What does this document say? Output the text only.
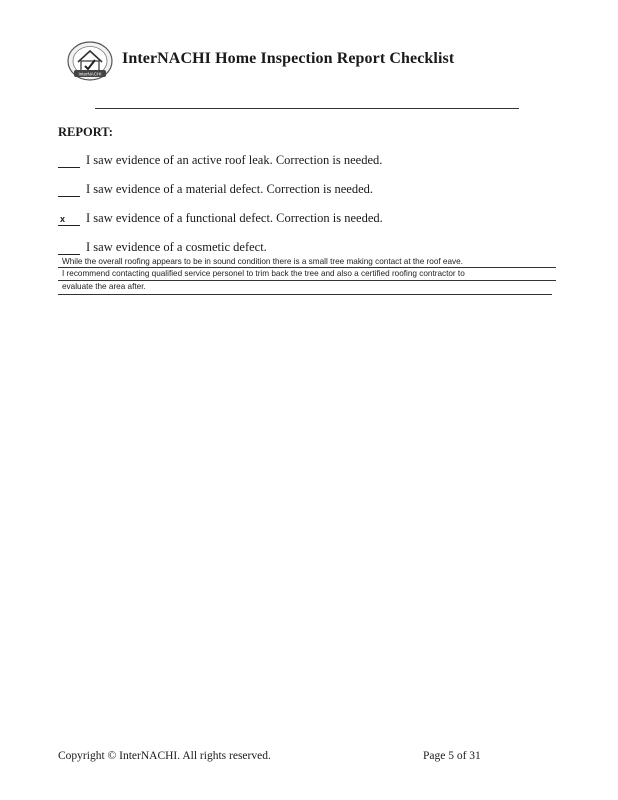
InterNACHI
InterNACHI Home Inspection Report Checklist
REPORT:
I saw evidence of an active roof leak. Correction is needed.
I saw evidence of a material defect. Correction is needed.
x I saw evidence of a functional defect. Correction is needed.
I saw evidence of a cosmetic defect.
While the overall roofing appears to be in sound condition there is a small tree making contact at the roof eave.
I recommend contacting qualified service personel to trim back the tree and also a certified roofing contractor to
evaluate the area after.
Copyright © InterNACHI. All rights reserved.	Page 5 of 31
